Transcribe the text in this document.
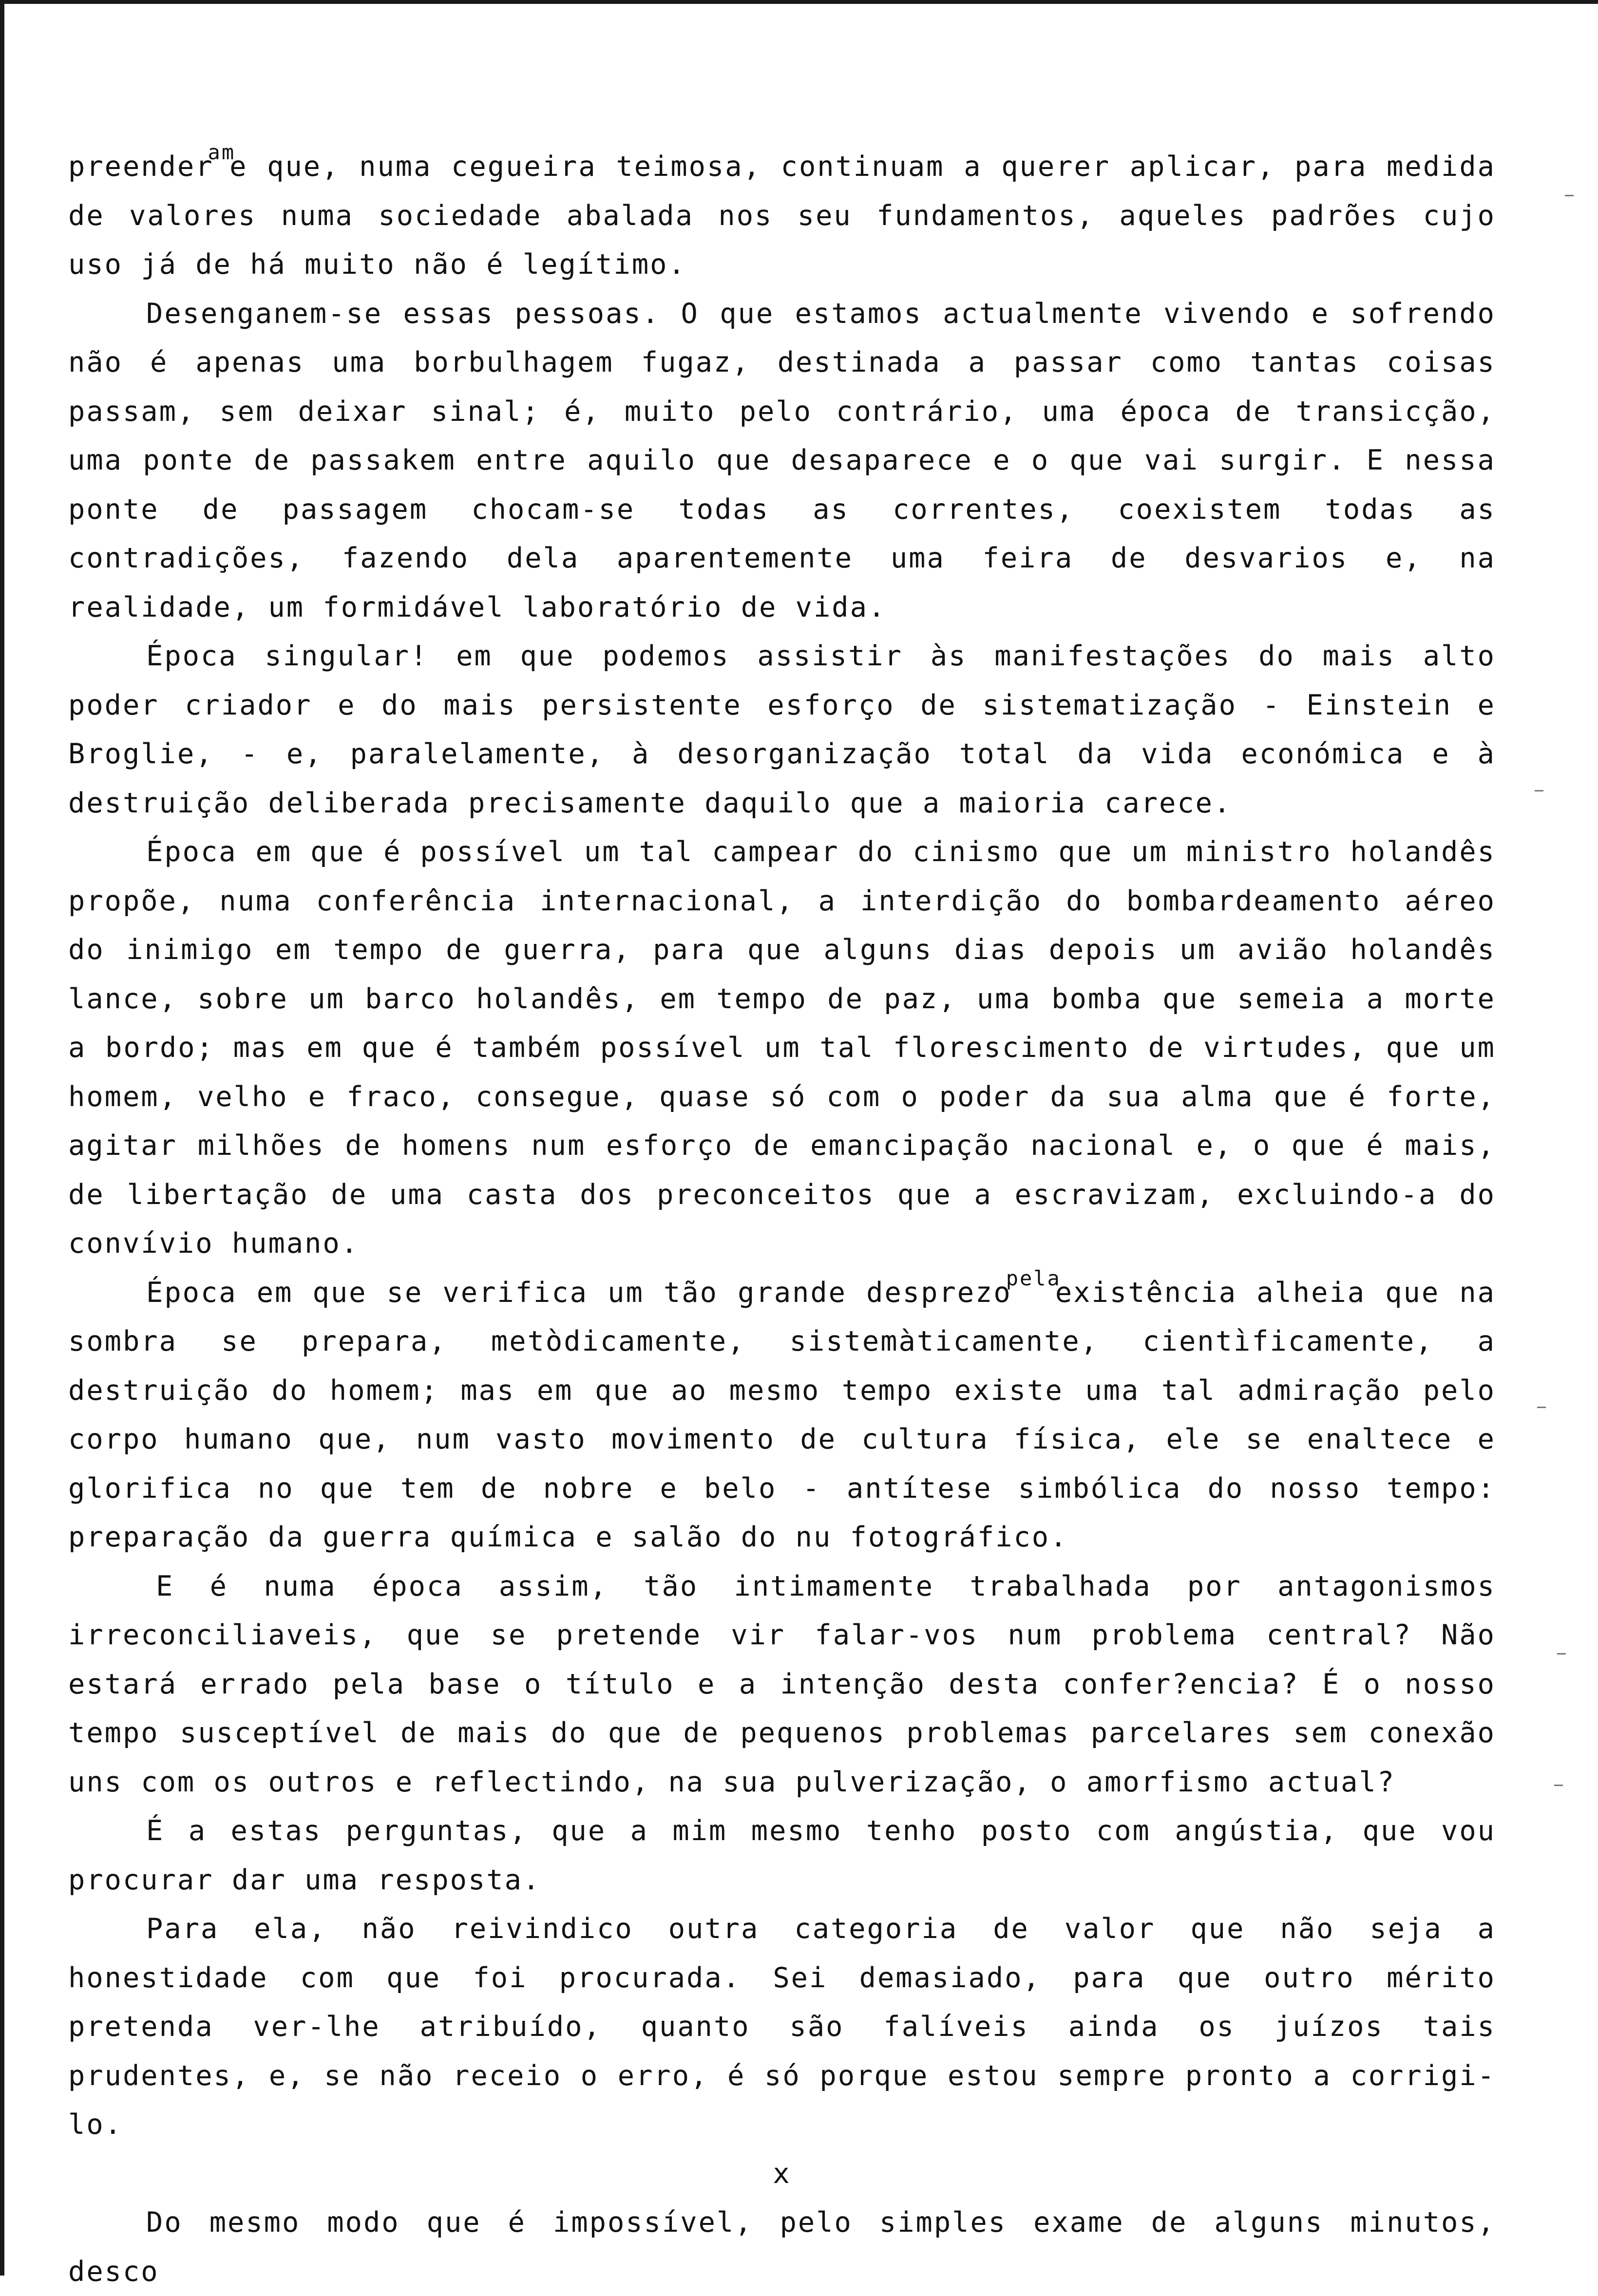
preender$^{am}$e que, numa cegueira teimosa, continuam a querer aplicar, para medida de valores numa sociedade abalada nos seu fundamentos, aqueles padrões cujo uso já de há muito não é legítimo.

Desenganem-se essas pessoas. O que estamos actualmente vivendo e sofrendo não é apenas uma borbulhagem fugaz, destinada a passar como tantas coisas passam, sem deixar sinal; é, muito pelo contrário, uma época de transicção, uma ponte de passakem entre aquilo que desaparece e o que vai surgir. E nessa ponte de passagem chocam-se todas as correntes, coexistem todas as contradições, fazendo dela aparentemente uma feira de desvarios e, na realidade, um formidável laboratório de vida.

Época singular! em que podemos assistir às manifestações do mais alto poder criador e do mais persistente esforço de sistematização - Einstein e Broglie, - e, paralelamente, à desorganização total da vida económica e à destruição deliberada precisamente daquilo que a maioria carece.

Época em que é possível um tal campear do cinismo que um ministro holandês propõe, numa conferência internacional, a interdição do bombardeamento aéreo do inimigo em tempo de guerra, para que alguns dias depois um avião holandês lance, sobre um barco holandês, em tempo de paz, uma bomba que semeia a morte a bordo; mas em que é também possível um tal florescimento de virtudes, que um homem, velho e fraco, consegue, quase só com o poder da sua alma que é forte, agitar milhões de homens num esforço de emancipação nacional e, o que é mais, de libertação de uma casta dos preconceitos que a escravizam, excluindo-a do convívio humano.

Época em que se verifica um tão grande desprezo$^{pela}$existência alheia que na sombra se prepara, metòdicamente, sistemàticamente, cientìficamente, a destruição do homem; mas em que ao mesmo tempo existe uma tal admiração pelo corpo humano que, num vasto movimento de cultura física, ele se enaltece e glorifica no que tem de nobre e belo - antítese simbólica do nosso tempo: preparação da guerra química e salão do nu fotográfico.

E é numa época assim, tão intimamente trabalhada por antagonismos irreconciliaveis, que se pretende vir falar-vos num problema central? Não estará errado pela base o título e a intenção desta confer?encia? É o nosso tempo susceptível de mais do que de pequenos problemas parcelares sem conexão uns com os outros e reflectindo, na sua pulverização, o amorfismo actual?

É a estas perguntas, que a mim mesmo tenho posto com angústia, que vou procurar dar uma resposta.

Para ela, não reivindico outra categoria de valor que não seja a honestidade com que foi procurada. Sei demasiado, para que outro mérito pretenda ver-lhe atribuído, quanto são falíveis ainda os juízos tais prudentes, e, se não receio o erro, é só porque estou sempre pronto a corrigi-lo.

x

Do mesmo modo que é impossível, pelo simples exame de alguns minutos, desco
